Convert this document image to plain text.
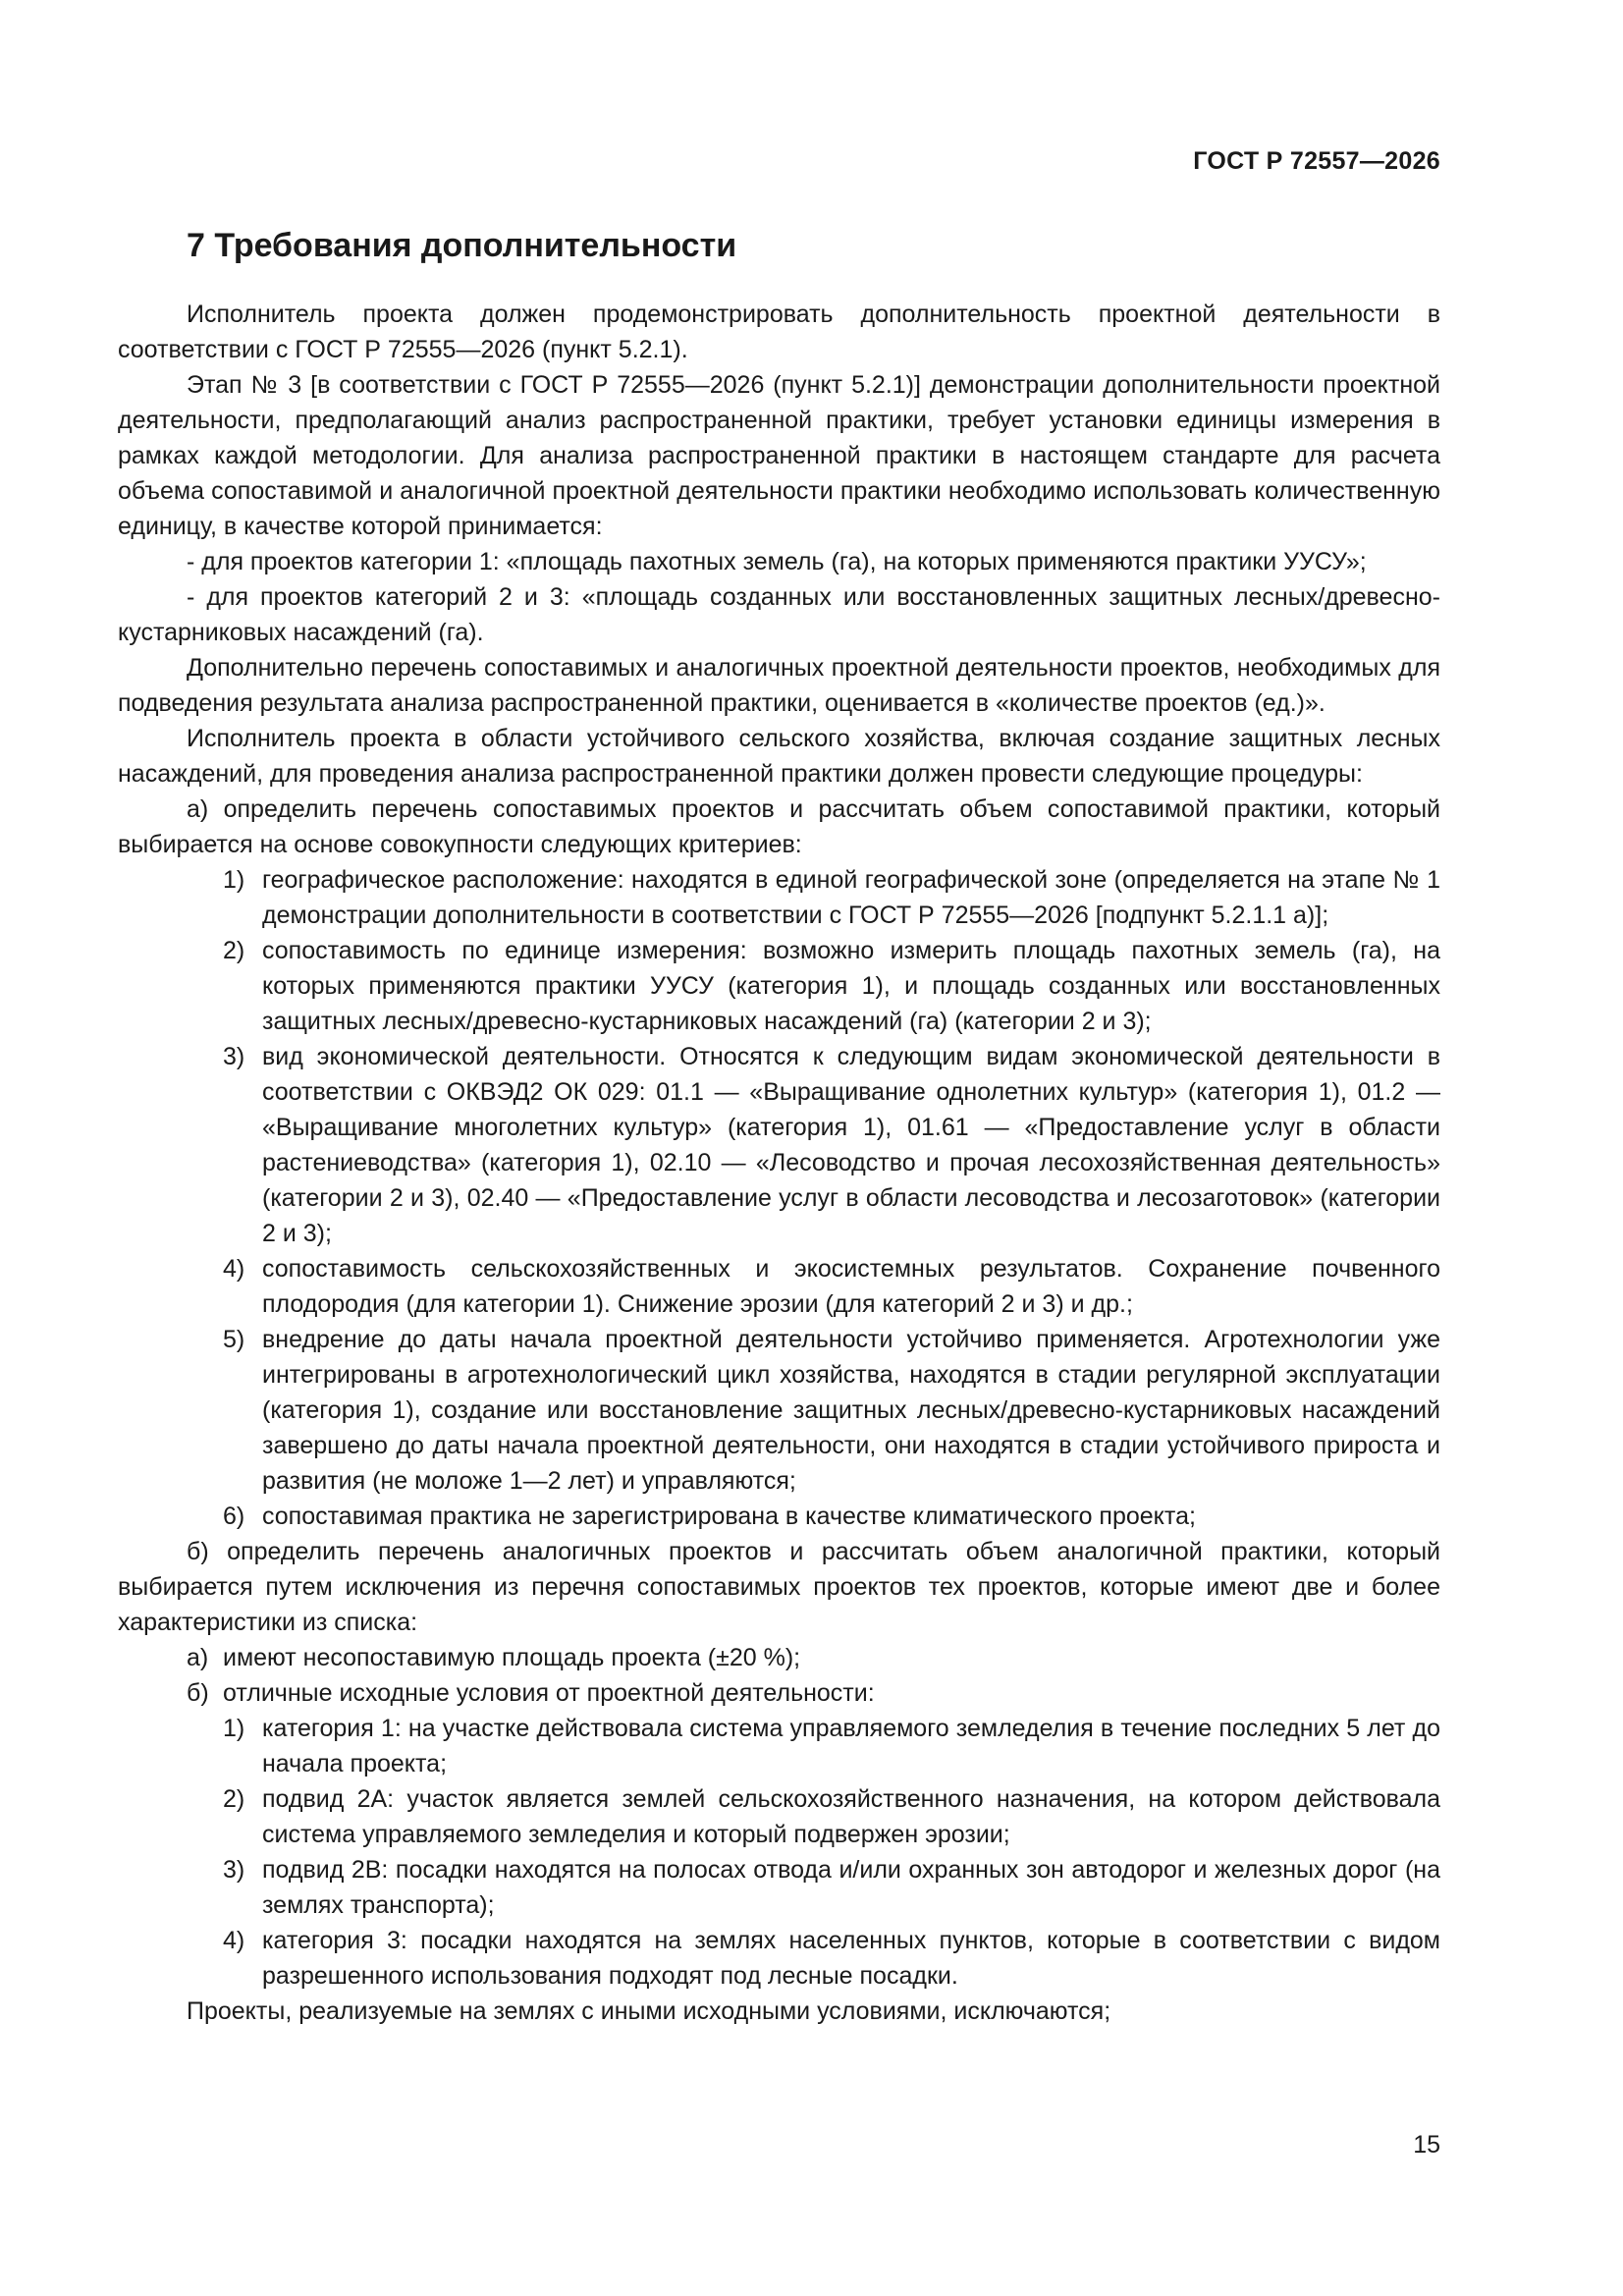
ГОСТ Р 72557—2026
7 Требования дополнительности

Исполнитель проекта должен продемонстрировать дополнительность проектной деятельности в соответствии с ГОСТ Р 72555—2026 (пункт 5.2.1).

Этап № 3 [в соответствии с ГОСТ Р 72555—2026 (пункт 5.2.1)] демонстрации дополнительности проектной деятельности, предполагающий анализ распространенной практики, требует установки единицы измерения в рамках каждой методологии. Для анализа распространенной практики в настоящем стандарте для расчета объема сопоставимой и аналогичной проектной деятельности практики необходимо использовать количественную единицу, в качестве которой принимается:

- для проектов категории 1: «площадь пахотных земель (га), на которых применяются практики УУСУ»;

- для проектов категорий 2 и 3: «площадь созданных или восстановленных защитных лесных/древесно-кустарниковых насаждений (га).

Дополнительно перечень сопоставимых и аналогичных проектной деятельности проектов, необходимых для подведения результата анализа распространенной практики, оценивается в «количестве проектов (ед.)».

Исполнитель проекта в области устойчивого сельского хозяйства, включая создание защитных лесных насаждений, для проведения анализа распространенной практики должен провести следующие процедуры:

а) определить перечень сопоставимых проектов и рассчитать объем сопоставимой практики, который выбирается на основе совокупности следующих критериев:

1) географическое расположение: находятся в единой географической зоне (определяется на этапе № 1 демонстрации дополнительности в соответствии с ГОСТ Р 72555—2026 [подпункт 5.2.1.1 а)];
2) сопоставимость по единице измерения: возможно измерить площадь пахотных земель (га), на которых применяются практики УУСУ (категория 1), и площадь созданных или восстановленных защитных лесных/древесно-кустарниковых насаждений (га) (категории 2 и 3);
3) вид экономической деятельности. Относятся к следующим видам экономической деятельности в соответствии с ОКВЭД2 ОК 029: 01.1 — «Выращивание однолетних культур» (категория 1), 01.2 — «Выращивание многолетних культур» (категория 1), 01.61 — «Предоставление услуг в области растениеводства» (категория 1), 02.10 — «Лесоводство и прочая лесохозяйственная деятельность» (категории 2 и 3), 02.40 — «Предоставление услуг в области лесоводства и лесозаготовок» (категории 2 и 3);
4) сопоставимость сельскохозяйственных и экосистемных результатов. Сохранение почвенного плодородия (для категории 1). Снижение эрозии (для категорий 2 и 3) и др.;
5) внедрение до даты начала проектной деятельности устойчиво применяется. Агротехнологии уже интегрированы в агротехнологический цикл хозяйства, находятся в стадии регулярной эксплуатации (категория 1), создание или восстановление защитных лесных/древесно-кустарниковых насаждений завершено до даты начала проектной деятельности, они находятся в стадии устойчивого прироста и развития (не моложе 1—2 лет) и управляются;
6) сопоставимая практика не зарегистрирована в качестве климатического проекта;

б) определить перечень аналогичных проектов и рассчитать объем аналогичной практики, который выбирается путем исключения из перечня сопоставимых проектов тех проектов, которые имеют две и более характеристики из списка:

а) имеют несопоставимую площадь проекта (±20 %);
б) отличные исходные условия от проектной деятельности:
1) категория 1: на участке действовала система управляемого земледелия в течение последних 5 лет до начала проекта;
2) подвид 2А: участок является землей сельскохозяйственного назначения, на котором действовала система управляемого земледелия и который подвержен эрозии;
3) подвид 2В: посадки находятся на полосах отвода и/или охранных зон автодорог и железных дорог (на землях транспорта);
4) категория 3: посадки находятся на землях населенных пунктов, которые в соответствии с видом разрешенного использования подходят под лесные посадки.

Проекты, реализуемые на землях с иными исходными условиями, исключаются;

15
